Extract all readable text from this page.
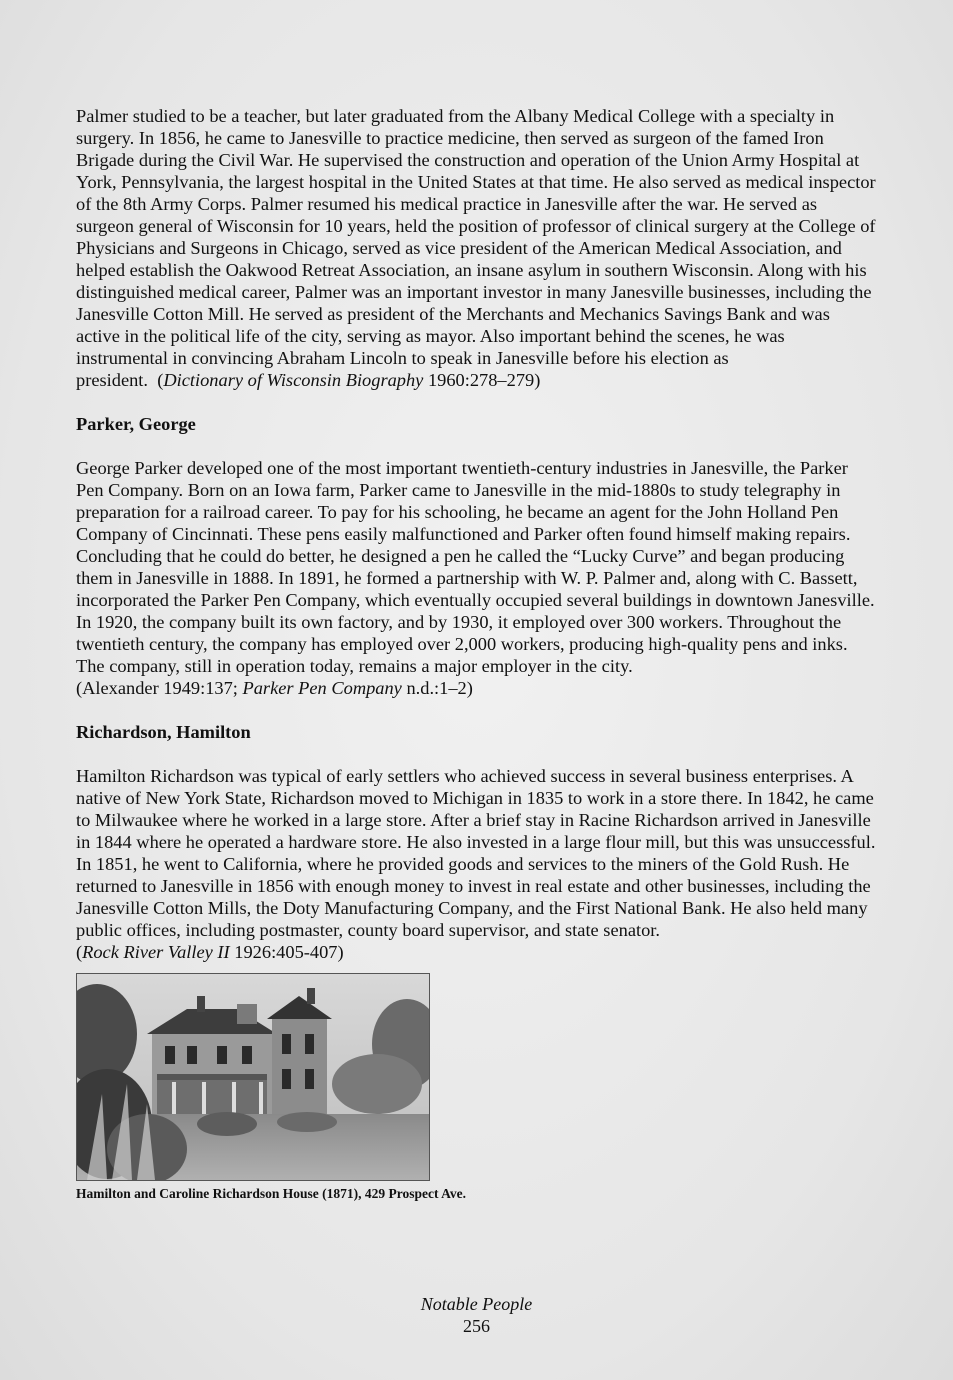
Palmer studied to be a teacher, but later graduated from the Albany Medical College with a specialty in surgery. In 1856, he came to Janesville to practice medicine, then served as surgeon of the famed Iron Brigade during the Civil War. He supervised the construction and operation of the Union Army Hospital at York, Pennsylvania, the largest hospital in the United States at that time. He also served as medical inspector of the 8th Army Corps. Palmer resumed his medical practice in Janesville after the war. He served as surgeon general of Wisconsin for 10 years, held the position of professor of clinical surgery at the College of Physicians and Surgeons in Chicago, served as vice president of the American Medical Association, and helped establish the Oakwood Retreat Association, an insane asylum in southern Wisconsin. Along with his distinguished medical career, Palmer was an important investor in many Janesville businesses, including the Janesville Cotton Mill. He served as president of the Merchants and Mechanics Savings Bank and was active in the political life of the city, serving as mayor. Also important behind the scenes, he was instrumental in convincing Abraham Lincoln to speak in Janesville before his election as president.  (Dictionary of Wisconsin Biography 1960:278–279)

Parker, George

George Parker developed one of the most important twentieth-century industries in Janesville, the Parker Pen Company. Born on an Iowa farm, Parker came to Janesville in the mid-1880s to study telegraphy in preparation for a railroad career. To pay for his schooling, he became an agent for the John Holland Pen Company of Cincinnati. These pens easily malfunctioned and Parker often found himself making repairs. Concluding that he could do better, he designed a pen he called the “Lucky Curve” and began producing them in Janesville in 1888. In 1891, he formed a partnership with W. P. Palmer and, along with C. Bassett, incorporated the Parker Pen Company, which eventually occupied several buildings in downtown Janesville. In 1920, the company built its own factory, and by 1930, it employed over 300 workers. Throughout the twentieth century, the company has employed over 2,000 workers, producing high-quality pens and inks. The company, still in operation today, remains a major employer in the city.
(Alexander 1949:137; Parker Pen Company n.d.:1–2)

Richardson, Hamilton

Hamilton Richardson was typical of early settlers who achieved success in several business enterprises. A native of New York State, Richardson moved to Michigan in 1835 to work in a store there. In 1842, he came to Milwaukee where he worked in a large store. After a brief stay in Racine Richardson arrived in Janesville in 1844 where he operated a hardware store. He also invested in a large flour mill, but this was unsuccessful. In 1851, he went to California, where he provided goods and services to the miners of the Gold Rush. He returned to Janesville in 1856 with enough money to invest in real estate and other businesses, including the Janesville Cotton Mills, the Doty Manufacturing Company, and the First National Bank. He also held many public offices, including postmaster, county board supervisor, and state senator.
(Rock River Valley II 1926:405-407)

Hamilton and Caroline Richardson House (1871), 429 Prospect Ave.
Notable People
256
